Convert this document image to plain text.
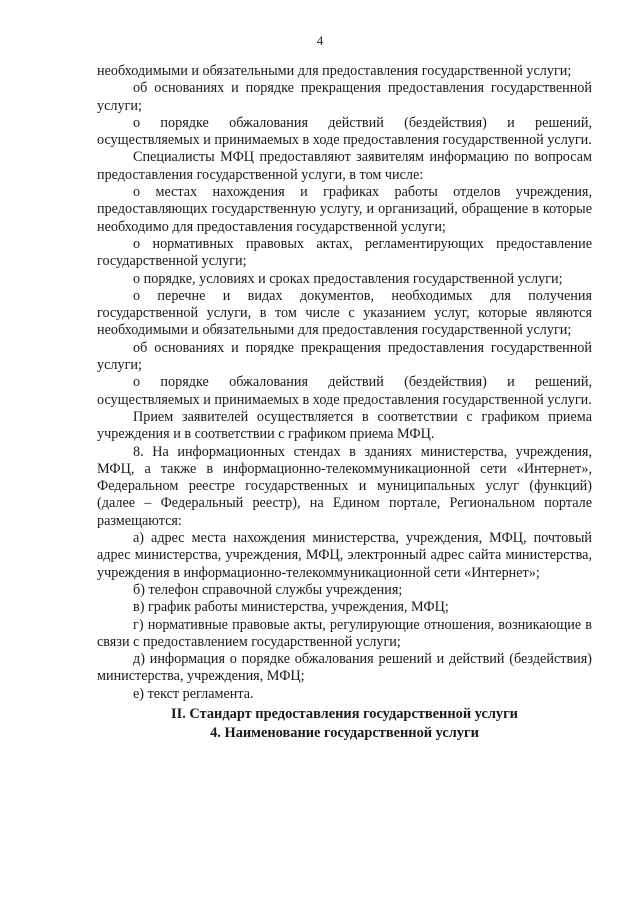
4

необходимыми и обязательными для предоставления государственной услуги;

об основаниях и порядке прекращения предоставления государственной услуги;

о порядке обжалования действий (бездействия) и решений, осуществляемых и принимаемых в ходе предоставления государственной услуги.

Специалисты МФЦ предоставляют заявителям информацию по вопросам предоставления государственной услуги, в том числе:

о местах нахождения и графиках работы отделов учреждения, предоставляющих государственную услугу, и организаций, обращение в которые необходимо для предоставления государственной услуги;

о нормативных правовых актах, регламентирующих предоставление государственной услуги;

о порядке, условиях и сроках предоставления государственной услуги;

о перечне и видах документов, необходимых для получения государственной услуги, в том числе с указанием услуг, которые являются необходимыми и обязательными для предоставления государственной услуги;

об основаниях и порядке прекращения предоставления государственной услуги;

о порядке обжалования действий (бездействия) и решений, осуществляемых и принимаемых в ходе предоставления государственной услуги.

Прием заявителей осуществляется в соответствии с графиком приема учреждения и в соответствии с графиком приема МФЦ.

8. На информационных стендах в зданиях министерства, учреждения, МФЦ, а также в информационно-телекоммуникационной сети «Интернет», Федеральном реестре государственных и муниципальных услуг (функций) (далее – Федеральный реестр), на Едином портале, Региональном портале размещаются:

а) адрес места нахождения министерства, учреждения, МФЦ, почтовый адрес министерства, учреждения, МФЦ, электронный адрес сайта министерства, учреждения в информационно-телекоммуникационной сети «Интернет»;

б) телефон справочной службы учреждения;

в) график работы министерства, учреждения, МФЦ;

г) нормативные правовые акты, регулирующие отношения, возникающие в связи с предоставлением государственной услуги;

д) информация о порядке обжалования решений и действий (бездействия) министерства, учреждения, МФЦ;

е) текст регламента.

II. Стандарт предоставления государственной услуги

4. Наименование государственной услуги
